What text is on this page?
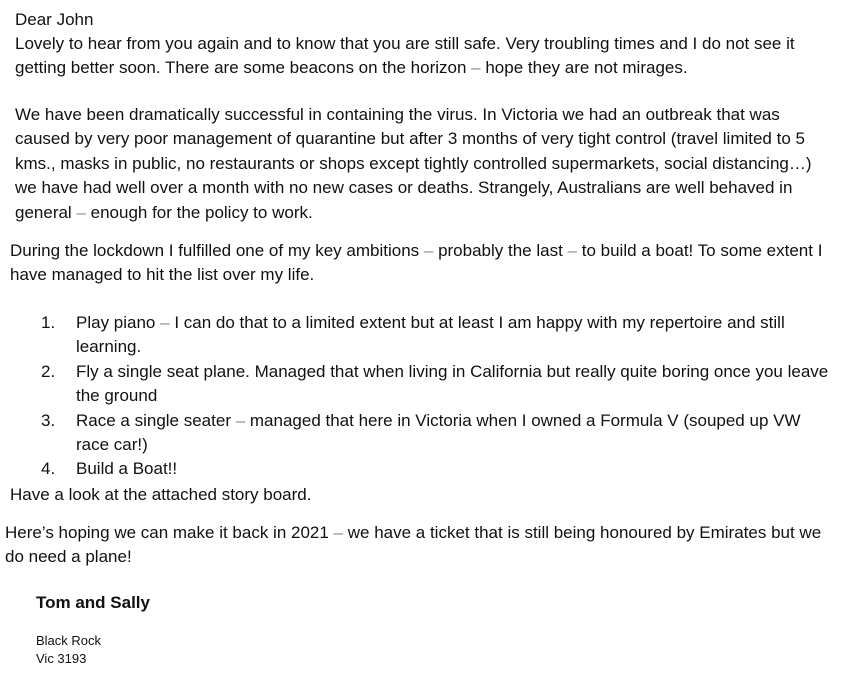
Dear John

Lovely to hear from you again and to know that you are still safe. Very troubling times and I do not see it getting better soon. There are some beacons on the horizon – hope they are not mirages.

We have been dramatically successful in containing the virus. In Victoria we had an outbreak that was caused by very poor management of quarantine but after 3 months of very tight control (travel limited to 5 kms., masks in public, no restaurants or shops except tightly controlled supermarkets, social distancing…) we have had well over a month with no new cases or deaths. Strangely, Australians are well behaved in general – enough for the policy to work.

During the lockdown I fulfilled one of my key ambitions – probably the last – to build a boat! To some extent I have managed to hit the list over my life.

1. Play piano – I can do that to a limited extent but at least I am happy with my repertoire and still learning.
2. Fly a single seat plane. Managed that when living in California but really quite boring once you leave the ground
3. Race a single seater – managed that here in Victoria when I owned a Formula V (souped up VW race car!)
4. Build a Boat!!

Have a look at the attached story board.

Here’s hoping we can make it back in 2021 – we have a ticket that is still being honoured by Emirates but we do need a plane!

Tom and Sally
Black Rock
Vic 3193
